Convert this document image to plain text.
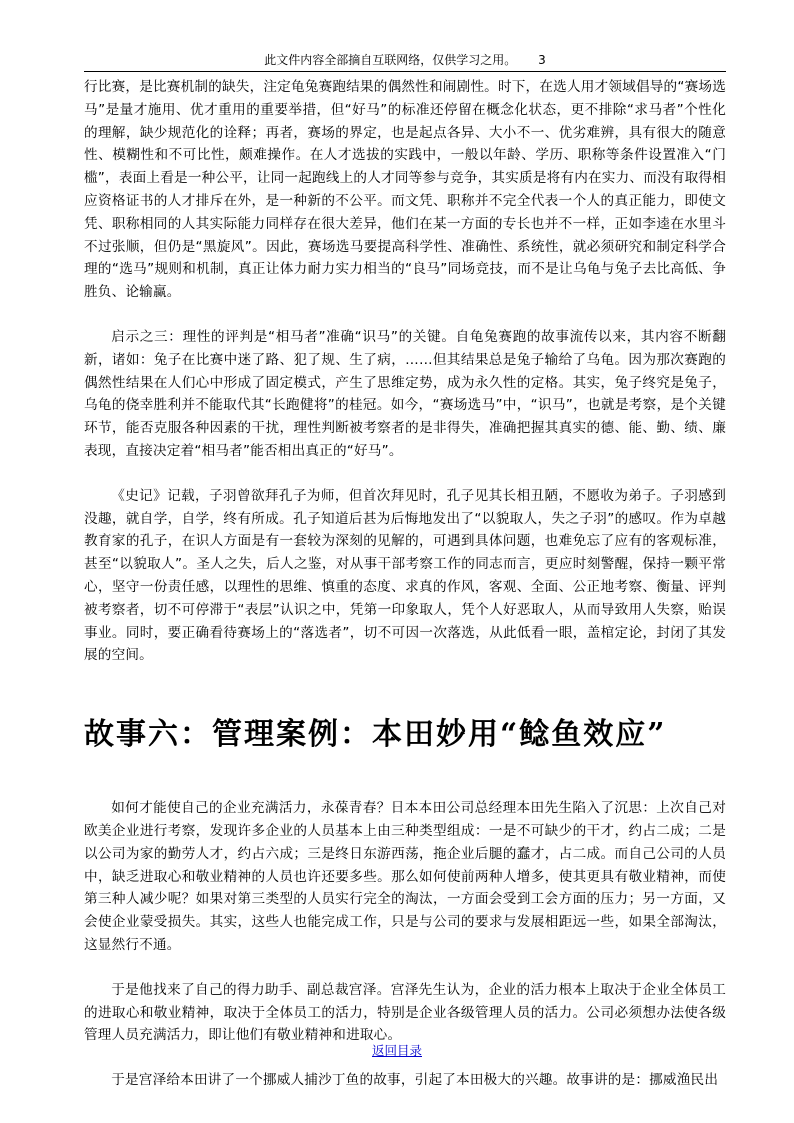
此文件内容全部摘自互联网络，仅供学习之用。 3

行比赛，是比赛机制的缺失，注定龟兔赛跑结果的偶然性和闹剧性。时下，在选人用才领域倡导的“赛场选马”是量才施用、优才重用的重要举措，但“好马”的标准还停留在概念化状态，更不排除“求马者”个性化的理解，缺少规范化的诠释；再者，赛场的界定，也是起点各异、大小不一、优劣难辨，具有很大的随意性、模糊性和不可比性，颇难操作。在人才选拔的实践中，一般以年龄、学历、职称等条件设置准入“门槛”，表面上看是一种公平，让同一起跑线上的人才同等参与竞争，其实质是将有内在实力、而没有取得相应资格证书的人才排斥在外，是一种新的不公平。而文凭、职称并不完全代表一个人的真正能力，即使文凭、职称相同的人其实际能力同样存在很大差异，他们在某一方面的专长也并不一样，正如李逵在水里斗不过张顺，但仍是“黑旋风”。因此，赛场选马要提高科学性、准确性、系统性，就必须研究和制定科学合理的“选马”规则和机制，真正让体力耐力实力相当的“良马”同场竞技，而不是让乌龟与兔子去比高低、争胜负、论输赢。

启示之三：理性的评判是“相马者”准确“识马”的关键。自龟兔赛跑的故事流传以来，其内容不断翻新，诸如：兔子在比赛中迷了路、犯了规、生了病，……但其结果总是兔子输给了乌龟。因为那次赛跑的偶然性结果在人们心中形成了固定模式，产生了思维定势，成为永久性的定格。其实，兔子终究是兔子，乌龟的侥幸胜利并不能取代其“长跑健将”的桂冠。如今，“赛场选马”中，“识马”，也就是考察，是个关键环节，能否克服各种因素的干扰，理性判断被考察者的是非得失，准确把握其真实的德、能、勤、绩、廉表现，直接决定着“相马者”能否相出真正的“好马”。

《史记》记载，子羽曾欲拜孔子为师，但首次拜见时，孔子见其长相丑陋，不愿收为弟子。子羽感到没趣，就自学，自学，终有所成。孔子知道后甚为后悔地发出了“以貌取人，失之子羽”的感叹。作为卓越教育家的孔子，在识人方面是有一套较为深刻的见解的，可遇到具体问题，也难免忘了应有的客观标准，甚至“以貌取人”。圣人之失，后人之鉴，对从事干部考察工作的同志而言，更应时刻警醒，保持一颗平常心，坚守一份责任感，以理性的思维、慎重的态度、求真的作风，客观、全面、公正地考察、衡量、评判被考察者，切不可停滞于“表层”认识之中，凭第一印象取人，凭个人好恶取人，从而导致用人失察，贻误事业。同时，要正确看待赛场上的“落选者”，切不可因一次落选，从此低看一眼，盖棺定论，封闭了其发展的空间。

故事六：管理案例：本田妙用“鲶鱼效应”

如何才能使自己的企业充满活力，永葆青春？日本本田公司总经理本田先生陷入了沉思：上次自己对欧美企业进行考察，发现许多企业的人员基本上由三种类型组成：一是不可缺少的干才，约占二成；二是以公司为家的勤劳人才，约占六成；三是终日东游西荡，拖企业后腿的蠢才，占二成。而自己公司的人员中，缺乏进取心和敬业精神的人员也许还要多些。那么如何使前两种人增多，使其更具有敬业精神，而使第三种人减少呢？如果对第三类型的人员实行完全的淘汰，一方面会受到工会方面的压力；另一方面，又会使企业蒙受损失。其实，这些人也能完成工作，只是与公司的要求与发展相距远一些，如果全部淘汰，这显然行不通。

于是他找来了自己的得力助手、副总裁宫泽。宫泽先生认为，企业的活力根本上取决于企业全体员工的进取心和敬业精神，取决于全体员工的活力，特别是企业各级管理人员的活力。公司必须想办法使各级管理人员充满活力，即让他们有敬业精神和进取心。

于是宫泽给本田讲了一个挪威人捕沙丁鱼的故事，引起了本田极大的兴趣。故事讲的是：挪威渔民出

返回目录
